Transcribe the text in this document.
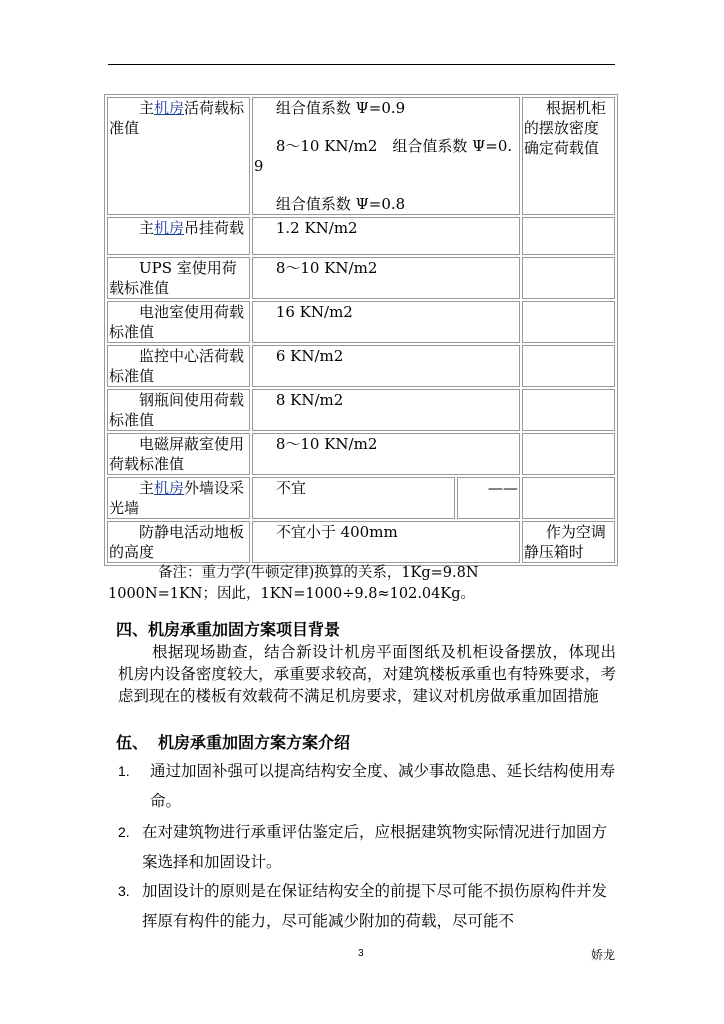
主机房活荷载标准值	组合值系数 Ψ=0.9
8～10 KN/m2　组合值系数 Ψ=0.9
组合值系数 Ψ=0.8		根据机柜的摆放密度确定荷载值
主机房吊挂荷载	1.2 KN/m2		
UPS 室使用荷载标准值	8～10 KN/m2		
电池室使用荷载标准值	16 KN/m2		
监控中心活荷载标准值	6 KN/m2		
钢瓶间使用荷载标准值	8 KN/m2		
电磁屏蔽室使用荷载标准值	8～10 KN/m2		
主机房外墙设采光墙	不宜	——	
防静电活动地板的高度	不宜小于 400mm		作为空调静压箱时
备注：重力学(牛顿定律)换算的关系，1Kg=9.8N
1000N=1KN；因此，1KN=1000÷9.8≈102.04Kg。
四、机房承重加固方案项目背景
根据现场勘查，结合新设计机房平面图纸及机柜设备摆放，体现出机房内设备密度较大，承重要求较高，对建筑楼板承重也有特殊要求，考虑到现在的楼板有效载荷不满足机房要求，建议对机房做承重加固措施
伍、 机房承重加固方案方案介绍
1.	通过加固补强可以提高结构安全度、减少事故隐患、延长结构使用寿命。
2. 在对建筑物进行承重评估鉴定后，应根据建筑物实际情况进行加固方案选择和加固设计。
3. 加固设计的原则是在保证结构安全的前提下尽可能不损伤原构件并发挥原有构件的能力，尽可能减少附加的荷载，尽可能不
3	娇龙
